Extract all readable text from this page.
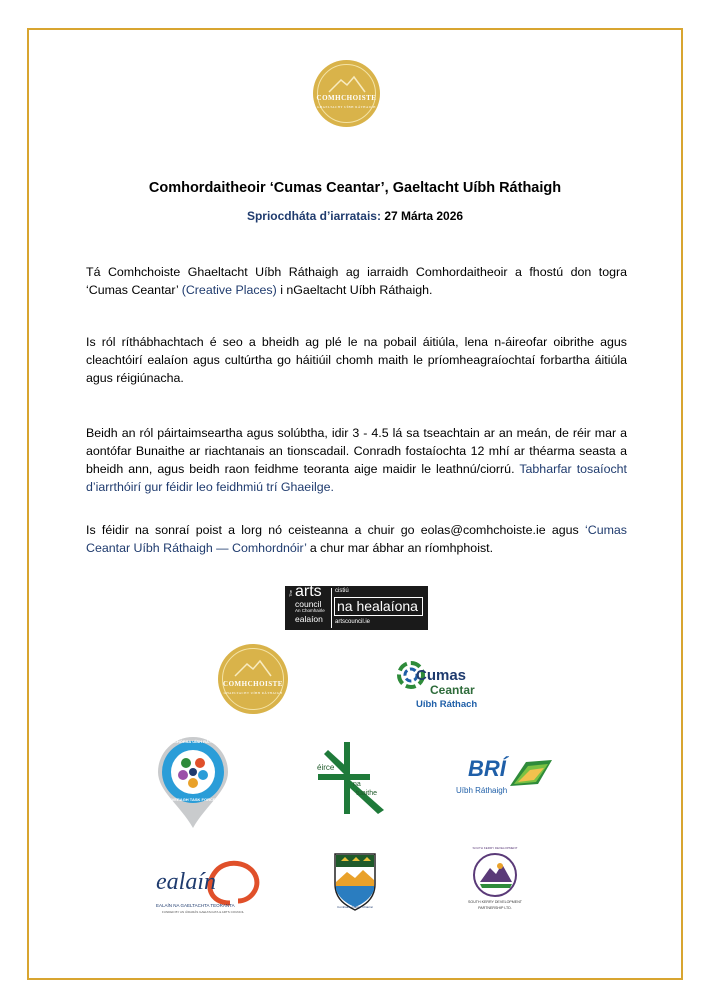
COMHCHOISTE
GHAELTACHT UÍBH RÁTHAIGH
Comhordaitheoir ‘Cumas Ceantar’, Gaeltacht Uíbh Ráthaigh
Spriocdháta d’iarratais: 27 Márta 2026
Tá Comhchoiste Ghaeltacht Uíbh Ráthaigh ag iarraidh Comhordaitheoir a fhostú don togra ‘Cumas Ceantar’ (Creative Places) i nGaeltacht Uíbh Ráthaigh.
Is ról ríthábhachtach é seo a bheidh ag plé le na pobail áitiúla, lena n-áireofar oibrithe agus cleachtóirí ealaíon agus cultúrtha go háitiúil chomh maith le príomheagraíochtaí forbartha áitiúla agus réigiúnacha.
Beidh an ról páirtaimseartha agus solúbtha, idir 3 - 4.5 lá sa tseachtain ar an meán, de réir mar a aontófar Bunaithe ar riachtanais an tionscadail. Conradh fostaíochta 12 mhí ar théarma seasta a bheidh ann, agus beidh raon feidhme teoranta aige maidir le leathnú/ciorrú. Tabharfar tosaíocht d’iarrthóirí gur féidir leo feidhmiú trí Ghaeilge.
Is féidir na sonraí poist a lorg nó ceisteanna a chuir go eolas@comhchoiste.ie agus ‘Cumas Ceantar Uíbh Ráthaigh — Comhordnóir’ a chur mar ábhar an ríomhphoist.
The arts
council
An Chomhairle
ealaíon
cistiú
na healaíona
artscouncil.ie
COMHCHOISTE
GHAELTACHT UÍBH RÁTHAIGH
Cumas
Ceantar
Uíbh Ráthach
FIACHCHÓRSA UÍBH RÁTHAIGH
IVERAGH TASK FORCE
éirce
na
tuaithe
BRÍ
Uíbh Ráthaigh
ealaín
EALAÍN NA GAELTACHTA TEORANTA
FUNDED BY AN tÚDARÁS GAELTACHTA & ARTS COUNCIL
Comhairle Contae Chiarraí
SOUTH KERRY DEVELOPMENT
PARTNERSHIP LTD.
SOUTH KERRY DEVELOPMENT
